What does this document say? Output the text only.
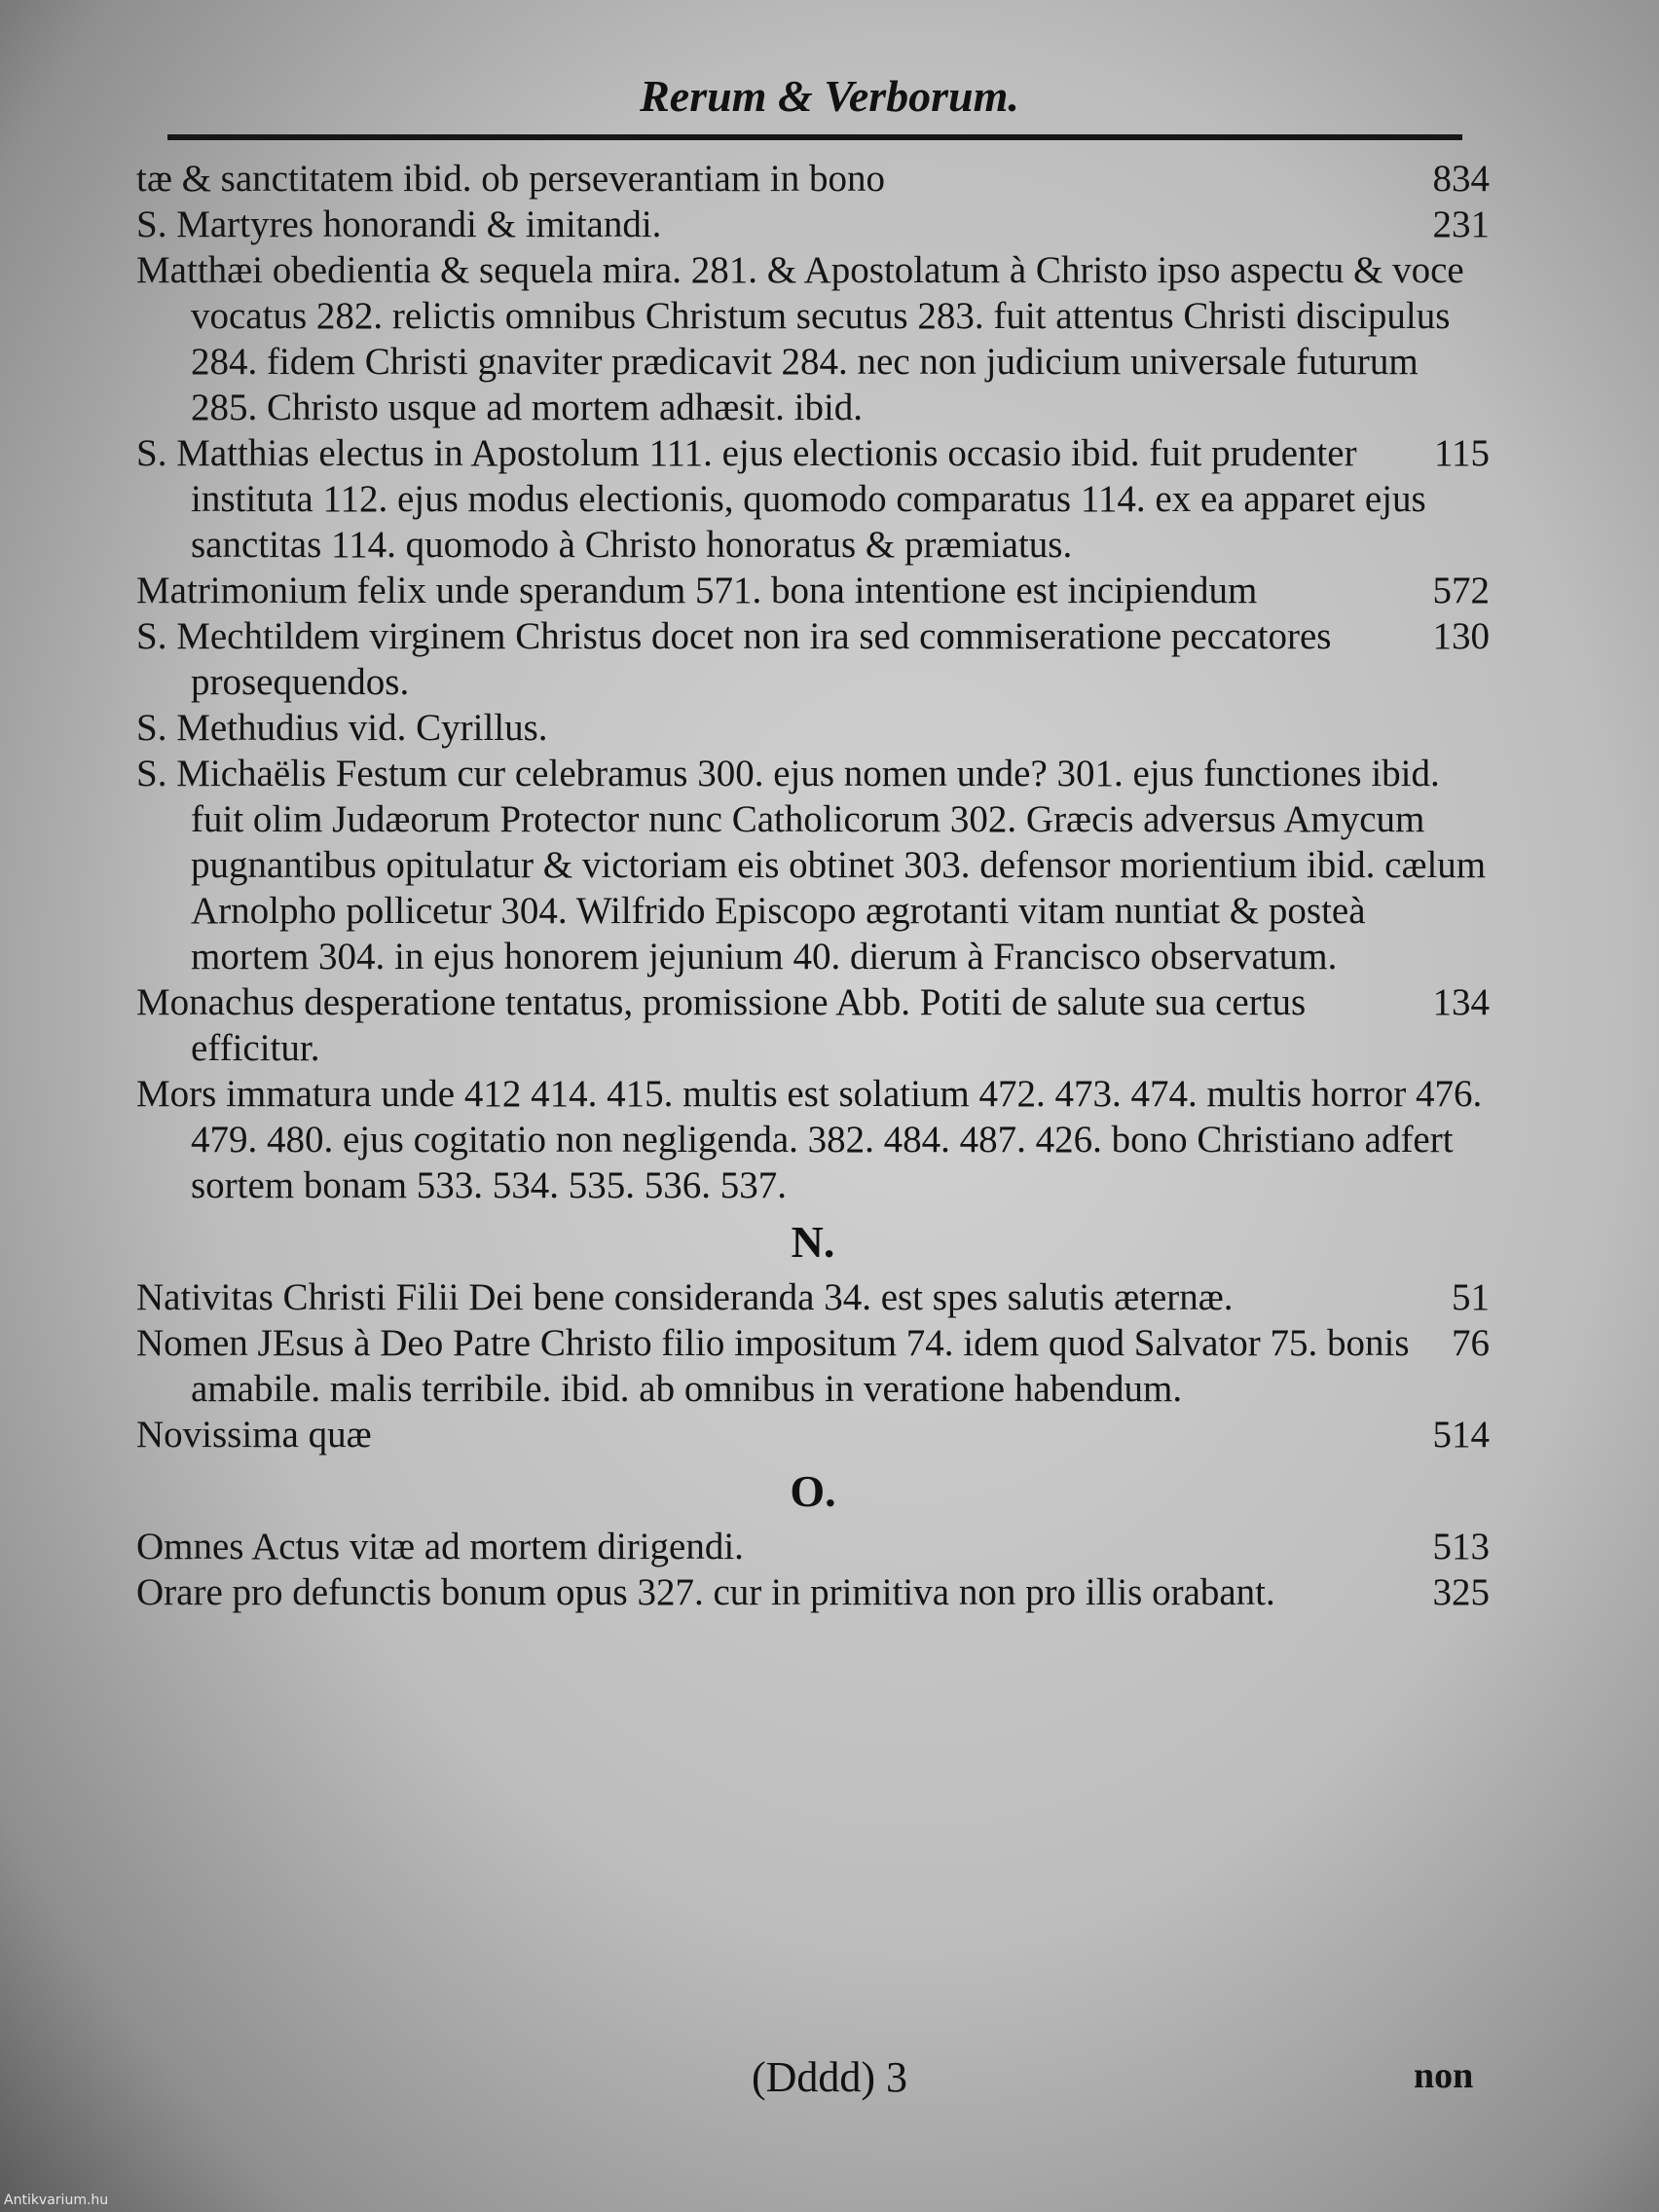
Rerum & Verborum.
834
tæ & sanctitatem ibid. ob perseverantiam in bono
231
S. Martyres honorandi & imitandi.
Matthæi obedientia & sequela mira. 281. & Apostolatum à Christo ipso aspectu & voce vocatus 282. relictis omnibus Christum secutus 283. fuit attentus Christi discipulus 284. fidem Christi gnaviter prædicavit 284. nec non judicium universale futurum 285. Christo usque ad mortem adhæsit. ibid.
115
S. Matthias electus in Apostolum 111. ejus electionis occasio ibid. fuit prudenter instituta 112. ejus modus electionis, quomodo comparatus 114. ex ea apparet ejus sanctitas 114. quomodo à Christo honoratus & præmiatus.
572
Matrimonium felix unde sperandum 571. bona intentione est incipiendum
130
S. Mechtildem virginem Christus docet non ira sed commiseratione peccatores prosequendos.
S. Methudius vid. Cyrillus.
S. Michaëlis Festum cur celebramus 300. ejus nomen unde? 301. ejus functiones ibid. fuit olim Judæorum Protector nunc Catholicorum 302. Græcis adversus Amycum pugnantibus opitulatur & victoriam eis obtinet 303. defensor morientium ibid. cælum Arnolpho pollicetur 304. Wilfrido Episcopo ægrotanti vitam nuntiat & posteà mortem 304. in ejus honorem jejunium 40. dierum à Francisco observatum.
134
Monachus desperatione tentatus, promissione Abb. Potiti de salute sua certus efficitur.
Mors immatura unde 412 414. 415. multis est solatium 472. 473. 474. multis horror 476. 479. 480. ejus cogitatio non negligenda. 382. 484. 487. 426. bono Christiano adfert sortem bonam 533. 534. 535. 536. 537.
N.
51
Nativitas Christi Filii Dei bene consideranda 34. est spes salutis æternæ.
76
Nomen JEsus à Deo Patre Christo filio impositum 74. idem quod Salvator 75. bonis amabile. malis terribile. ibid. ab omnibus in veratione habendum.
514
Novissima quæ
O.
513
Omnes Actus vitæ ad mortem dirigendi.
325
Orare pro defunctis bonum opus 327. cur in primitiva non pro illis orabant.
(Dddd) 3	non
Antikvarium.hu
